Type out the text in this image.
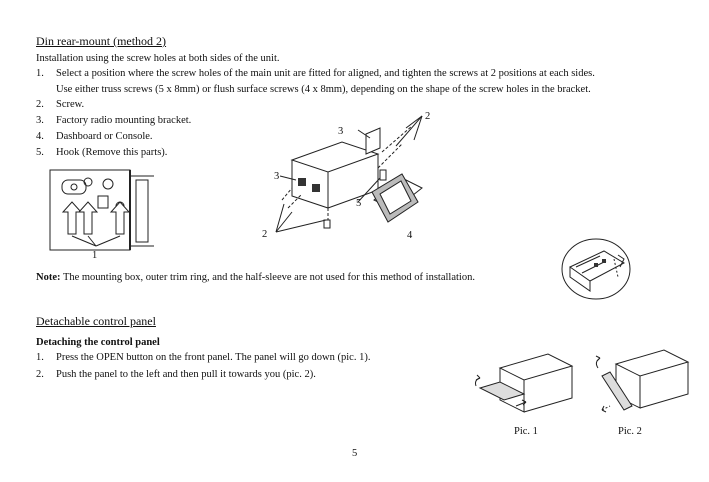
Din rear-mount (method 2)
Installation using the screw holes at both sides of the unit.
1. Select a position where the screw holes of the main unit are fitted for aligned, and tighten the screws at 2 positions at each sides.
Use either truss screws (5 x 8mm) or flush surface screws (4 x 8mm), depending on the shape of the screw holes in the bracket.
2. Screw.
3. Factory radio mounting bracket.
4. Dashboard or Console.
5. Hook (Remove this parts).
1
3
2
3
5
4
2
Note: The mounting box, outer trim ring, and the half-sleeve are not used for this method of installation.
Detachable control panel
Detaching the control panel
1. Press the OPEN button on the front panel. The panel will go down (pic. 1).
2. Push the panel to the left and then pull it towards you (pic. 2).
Pic. 1	Pic. 2
5
